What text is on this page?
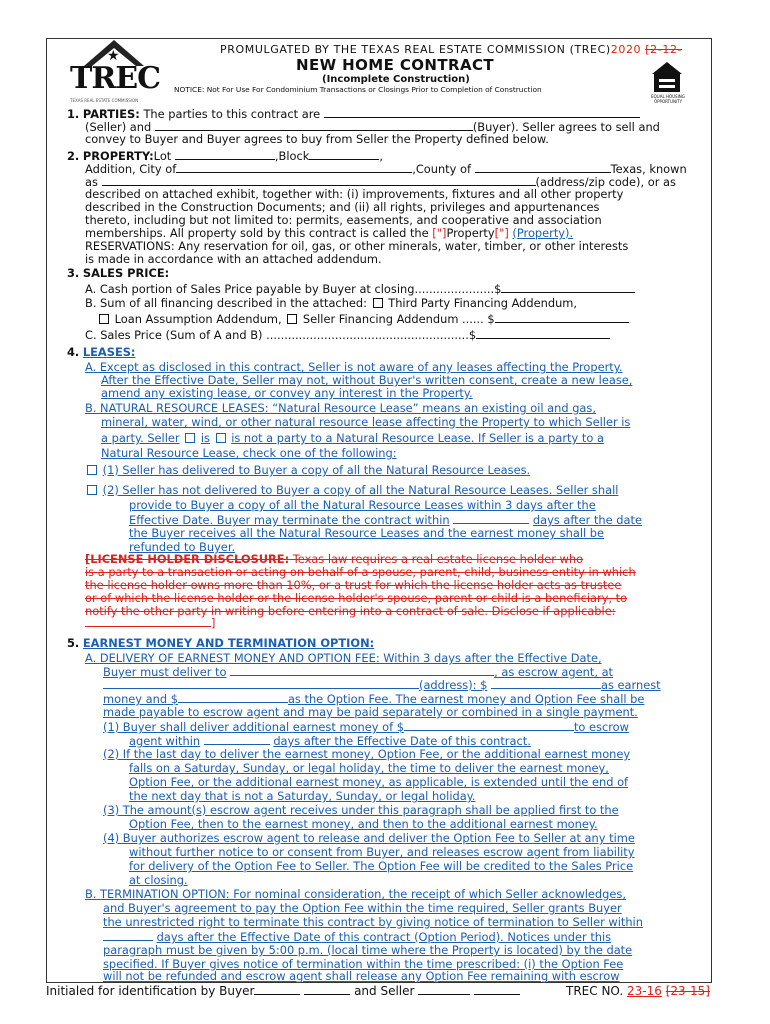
★
TREC
TEXAS REAL ESTATE COMMISSION
PROMULGATED BY THE TEXAS REAL ESTATE COMMISSION (TREC)2020 [2-12-
NEW HOME CONTRACT
(Incomplete Construction)
NOTICE: Not For Use For Condominium Transactions or Closings Prior to Completion of Construction
EQUAL HOUSING OPPORTUNITY
1. PARTIES: The parties to this contract are
(Seller) and	(Buyer). Seller agrees to sell and
convey to Buyer and Buyer agrees to buy from Seller the Property defined below.
2. PROPERTY:Lot	,Block	,
Addition, City of	,County of	Texas, known
as	(address/zip code), or as
described on attached exhibit, together with: (i) improvements, fixtures and all other property
described in the Construction Documents; and (ii) all rights, privileges and appurtenances
thereto, including but not limited to: permits, easements, and cooperative and association
memberships. All property sold by this contract is called the ["]Property["] (Property).
RESERVATIONS: Any reservation for oil, gas, or other minerals, water, timber, or other interests
is made in accordance with an attached addendum.
3. SALES PRICE:
A. Cash portion of Sales Price payable by Buyer at closing......................$
B. Sum of all financing described in the attached: Third Party Financing Addendum,
Loan Assumption Addendum, Seller Financing Addendum ...... $
C. Sales Price (Sum of A and B) ........................................................$
4. LEASES:
A. Except as disclosed in this contract, Seller is not aware of any leases affecting the Property.
After the Effective Date, Seller may not, without Buyer's written consent, create a new lease,
amend any existing lease, or convey any interest in the Property.
B. NATURAL RESOURCE LEASES: “Natural Resource Lease” means an existing oil and gas,
mineral, water, wind, or other natural resource lease affecting the Property to which Seller is
a party. Seller is is not a party to a Natural Resource Lease. If Seller is a party to a
Natural Resource Lease, check one of the following:
(1) Seller has delivered to Buyer a copy of all the Natural Resource Leases.
(2) Seller has not delivered to Buyer a copy of all the Natural Resource Leases. Seller shall
provide to Buyer a copy of all the Natural Resource Leases within 3 days after the
Effective Date. Buyer may terminate the contract within	days after the date
the Buyer receives all the Natural Resource Leases and the earnest money shall be
refunded to Buyer.
[LICENSE HOLDER DISCLOSURE: Texas law requires a real estate license holder who
is a party to a transaction or acting on behalf of a spouse, parent, child, business entity in which
the license holder owns more than 10%, or a trust for which the license holder acts as trustee
or of which the license holder or the license holder's spouse, parent or child is a beneficiary, to
notify the other party in writing before entering into a contract of sale. Disclose if applicable:
]
5. EARNEST MONEY AND TERMINATION OPTION:
A. DELIVERY OF EARNEST MONEY AND OPTION FEE: Within 3 days after the Effective Date,
Buyer must deliver to	, as escrow agent, at
(address): $	as earnest
money and $	as the Option Fee. The earnest money and Option Fee shall be
made payable to escrow agent and may be paid separately or combined in a single payment.
(1) Buyer shall deliver additional earnest money of $	to escrow
agent within	days after the Effective Date of this contract.
(2) If the last day to deliver the earnest money, Option Fee, or the additional earnest money
falls on a Saturday, Sunday, or legal holiday, the time to deliver the earnest money,
Option Fee, or the additional earnest money, as applicable, is extended until the end of
the next day that is not a Saturday, Sunday, or legal holiday.
(3) The amount(s) escrow agent receives under this paragraph shall be applied first to the
Option Fee, then to the earnest money, and then to the additional earnest money.
(4) Buyer authorizes escrow agent to release and deliver the Option Fee to Seller at any time
without further notice to or consent from Buyer, and releases escrow agent from liability
for delivery of the Option Fee to Seller. The Option Fee will be credited to the Sales Price
at closing.
B. TERMINATION OPTION: For nominal consideration, the receipt of which Seller acknowledges,
and Buyer's agreement to pay the Option Fee within the time required, Seller grants Buyer
the unrestricted right to terminate this contract by giving notice of termination to Seller within
days after the Effective Date of this contract (Option Period). Notices under this
paragraph must be given by 5:00 p.m. (local time where the Property is located) by the date
specified. If Buyer gives notice of termination within the time prescribed: (i) the Option Fee
will not be refunded and escrow agent shall release any Option Fee remaining with escrow
Initialed for identification by Buyer	and Seller	TREC NO. 23-16 [23-15]
